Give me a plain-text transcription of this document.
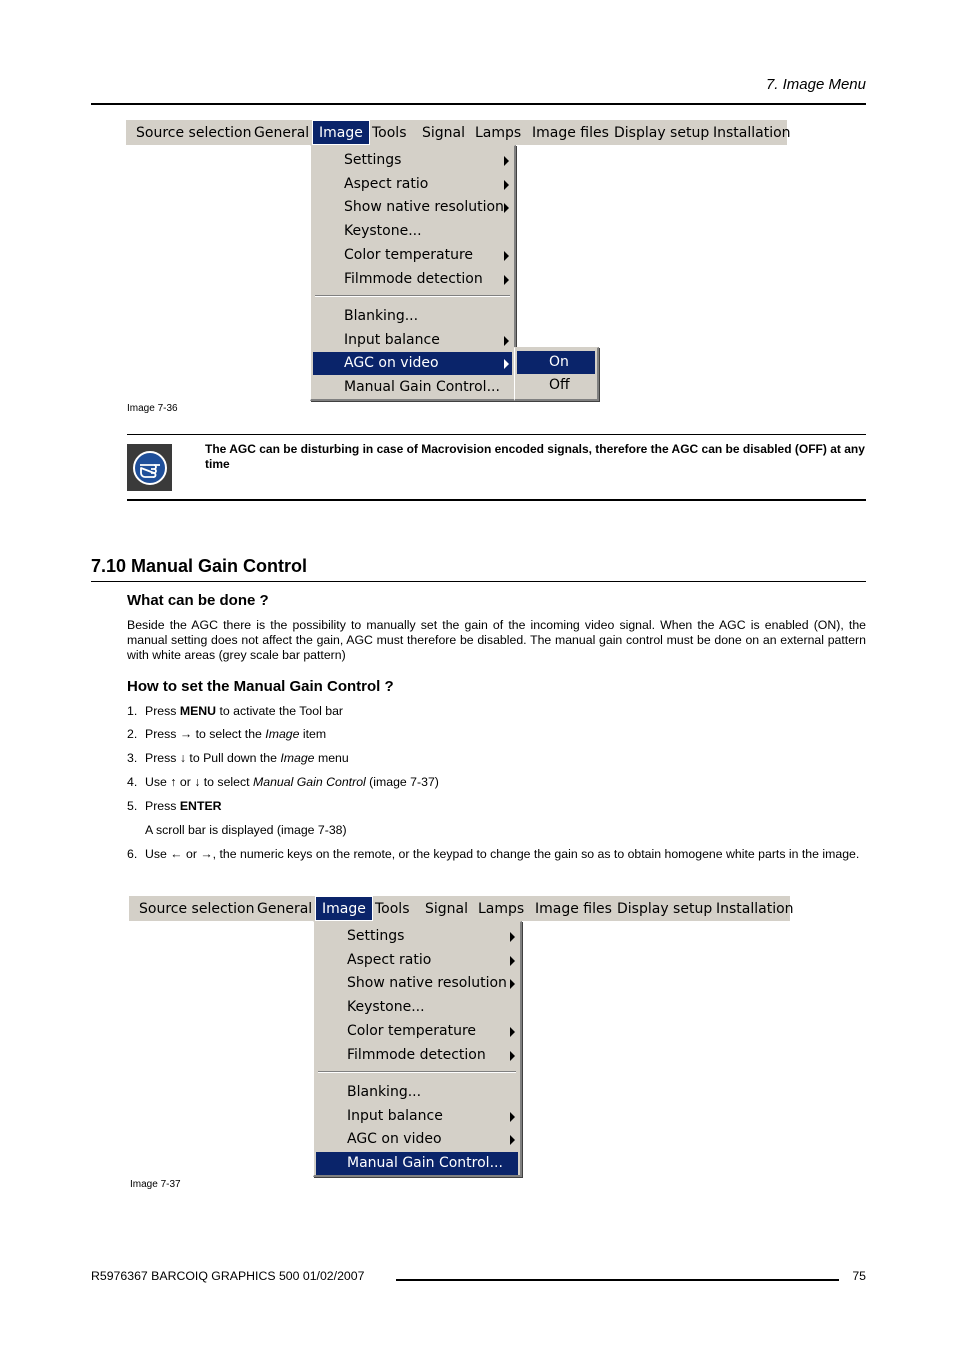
7. Image Menu
Source selection General Image Tools Signal Lamps Image files Display setup Installation
Settings
Aspect ratio
Show native resolution
Keystone...
Color temperature
Filmmode detection
Blanking...
Input balance
AGC on video
Manual Gain Control...
On
Off
Image 7-36
The AGC can be disturbing in case of Macrovision encoded signals, therefore the AGC can be disabled (OFF) at any time
7.10 Manual Gain Control
What can be done ?
Beside the AGC there is the possibility to manually set the gain of the incoming video signal. When the AGC is enabled (ON), the manual setting does not affect the gain, AGC must therefore be disabled. The manual gain control must be done on an external pattern with white areas (grey scale bar pattern)
How to set the Manual Gain Control ?
1. Press MENU to activate the Tool bar
2. Press → to select the Image item
3. Press ↓ to Pull down the Image menu
4. Use ↑ or ↓ to select Manual Gain Control (image 7-37)
5. Press ENTER
A scroll bar is displayed (image 7-38)
6. Use ← or →, the numeric keys on the remote, or the keypad to change the gain so as to obtain homogene white parts in the image.
Source selection General Image Tools Signal Lamps Image files Display setup Installation
Settings
Aspect ratio
Show native resolution
Keystone...
Color temperature
Filmmode detection
Blanking...
Input balance
AGC on video
Manual Gain Control...
Image 7-37
R5976367 BARCOIQ GRAPHICS 500 01/02/2007	75
